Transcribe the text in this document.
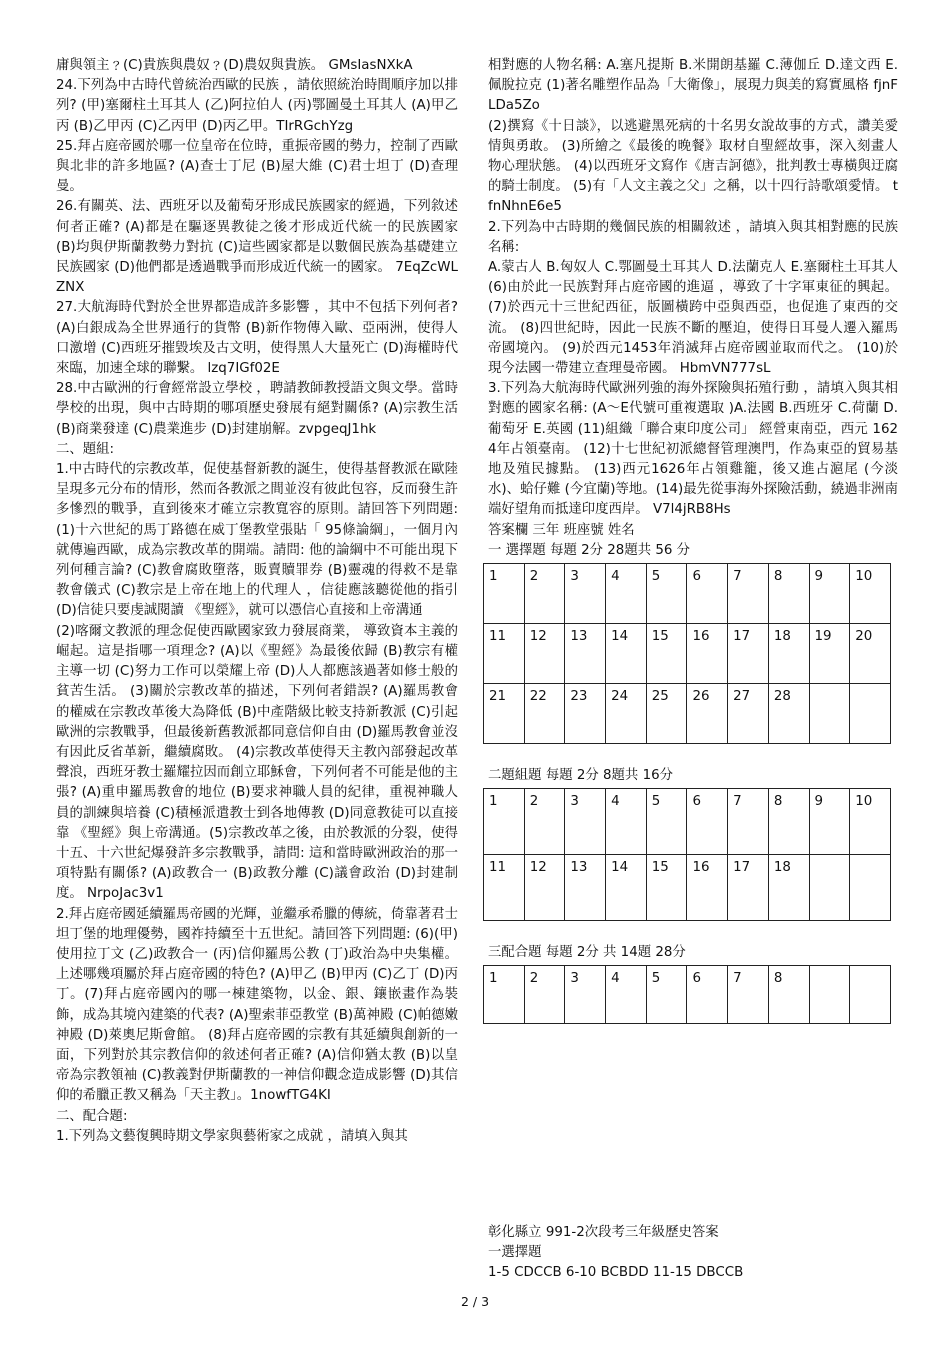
庸與領主﹖(C)貴族與農奴﹖(D)農奴與貴族。 GMsIasNXkA

24.下列為中古時代曾統治西歐的民族 ，請依照統治時間順序加以排列? (甲)塞爾柱土耳其人 (乙)阿拉伯人 (丙)鄂圖曼土耳其人 (A)甲乙丙 (B)乙甲丙 (C)乙丙甲 (D)丙乙甲。TIrRGchYzg

25.拜占庭帝國於哪一位皇帝在位時，重振帝國的勢力，控制了西歐與北非的許多地區? (A)查士丁尼 (B)屋大維 (C)君士坦丁 (D)查理曼。

26.有關英、法、西班牙以及葡萄牙形成民族國家的經過，下列敘述何者正確? (A)都是在驅逐異教徒之後才形成近代統一的民族國家 (B)均與伊斯蘭教勢力對抗 (C)這些國家都是以數個民族為基礎建立民族國家 (D)他們都是透過戰爭而形成近代統一的國家。 7EqZcWLZNX

27.大航海時代對於全世界都造成許多影響 ，其中不包括下列何者? (A)白銀成為全世界通行的貨幣 (B)新作物傳入歐、亞兩洲，使得人口激增 (C)西班牙摧毀埃及古文明，使得黑人大量死亡 (D)海權時代來臨，加速全球的聯繫。 lzq7IGf02E

28.中古歐洲的行會經常設立學校 ，聘請教師教授語文與文學。當時學校的出現，與中古時期的哪項歷史發展有絕對關係? (A)宗教生活 (B)商業發達 (C)農業進步 (D)封建崩解。zvpgeqJ1hk

二、題組:

1.中古時代的宗教改革，促使基督新教的誕生，使得基督教派在歐陸呈現多元分布的情形，然而各教派之間並沒有彼此包容，反而發生許多慘烈的戰爭，直到後來才確立宗教寬容的原則。請回答下列問題: (1)十六世紀的馬丁路德在威丁堡教堂張貼「 95條論綱」，一個月內就傳遍西歐，成為宗教改革的開端。請問: 他的論綱中不可能出現下列何種言論? (C)教會腐敗墮落，販賣贖罪券 (B)靈魂的得救不是靠教會儀式 (C)教宗是上帝在地上的代理人 ，信徒應該聽從他的指引 (D)信徒只要虔誠閱讀 《聖經》，就可以憑信心直接和上帝溝通

(2)喀爾文教派的理念促使西歐國家致力發展商業， 導致資本主義的崛起。這是指哪一項理念? (A)以《聖經》為最後依歸 (B)教宗有權主導一切 (C)努力工作可以榮耀上帝 (D)人人都應該過著如修士般的貧苦生活。 (3)關於宗教改革的描述，下列何者錯誤? (A)羅馬教會的權威在宗教改革後大為降低 (B)中產階級比較支持新教派 (C)引起歐洲的宗教戰爭，但最後新舊教派都同意信仰自由 (D)羅馬教會並沒有因此反省革新，繼續腐敗。 (4)宗教改革使得天主教內部發起改革聲浪，西班牙教士羅耀拉因而創立耶穌會，下列何者不可能是他的主張? (A)重申羅馬教會的地位 (B)要求神職人員的紀律，重視神職人員的訓練與培養 (C)積極派遣教士到各地傳教 (D)同意教徒可以直接靠 《聖經》與上帝溝通。(5)宗教改革之後，由於教派的分裂，使得十五、十六世紀爆發許多宗教戰爭，請問: 這和當時歐洲政治的那一項特點有關係? (A)政教合一 (B)政教分離 (C)議會政治 (D)封建制度。 NrpoJac3v1

2.拜占庭帝國延續羅馬帝國的光輝，並繼承希臘的傳統，倚靠著君士坦丁堡的地理優勢，國祚持續至十五世紀。請回答下列問題: (6)(甲)使用拉丁文 (乙)政教合一 (丙)信仰羅馬公教 (丁)政治為中央集權。上述哪幾項屬於拜占庭帝國的特色? (A)甲乙 (B)甲丙 (C)乙丁 (D)丙丁。(7)拜占庭帝國內的哪一棟建築物，以金、銀、鑲嵌畫作為裝飾，成為其境內建築的代表? (A)聖索菲亞教堂 (B)萬神殿 (C)帕德嫩神殿 (D)萊奧尼斯會館。 (8)拜占庭帝國的宗教有其延續與創新的一面，下列對於其宗教信仰的敘述何者正確? (A)信仰猶太教 (B)以皇帝為宗教領袖 (C)教義對伊斯蘭教的一神信仰觀念造成影響 (D)其信仰的希臘正教又稱為「天主教」。1nowfTG4KI

二、配合題:

1.下列為文藝復興時期文學家與藝術家之成就 ，請填入與其

相對應的人物名稱: A.塞凡提斯 B.米開朗基羅 C.薄伽丘 D.達文西 E.佩脫拉克 (1)著名雕塑作品為「大衛像」，展現力與美的寫實風格 fjnFLDa5Zo

(2)撰寫《十日談》，以逃避黑死病的十名男女說故事的方式，讚美愛情與勇敢。 (3)所繪之《最後的晚餐》取材自聖經故事，深入刻畫人物心理狀態。 (4)以西班牙文寫作《唐吉訶德》，批判教士專橫與迂腐的騎士制度。 (5)有「人文主義之父」之稱，以十四行詩歌頌愛情。 tfnNhnE6e5

2.下列為中古時期的幾個民族的相關敘述 ，請填入與其相對應的民族名稱:

A.蒙古人 B.匈奴人 C.鄂圖曼土耳其人 D.法蘭克人 E.塞爾柱土耳其人 (6)由於此一民族對拜占庭帝國的進逼 ，導致了十字軍東征的興起。 (7)於西元十三世紀西征，版圖橫跨中亞與西亞，也促進了東西的交流。 (8)四世紀時，因此一民族不斷的壓迫，使得日耳曼人遷入羅馬帝國境內。 (9)於西元1453年消滅拜占庭帝國並取而代之。 (10)於現今法國一帶建立查理曼帝國。 HbmVN777sL

3.下列為大航海時代歐洲列強的海外探險與拓殖行動 ，請填入與其相對應的國家名稱: (A～E代號可重複選取 )A.法國 B.西班牙 C.荷蘭 D.葡萄牙 E.英國 (11)組織「聯合東印度公司」 經營東南亞，西元 1624年占領臺南。 (12)十七世紀初派總督管理澳門，作為東亞的貿易基地及殖民據點。 (13)西元1626年占領雞籠，後又進占滬尾 (今淡水)、蛤仔難 (今宜蘭)等地。(14)最先從事海外探險活動，繞過非洲南端好望角而抵達印度西岸。 V7l4jRB8Hs

答案欄 三年 班座號 姓名

一 選擇題 每題 2分 28題共 56 分
1	2	3	4	5	6	7	8	9	10
11	12	13	14	15	16	17	18	19	20
21	22	23	24	25	26	27	28		
二題組題 每題 2分 8題共 16分
1	2	3	4	5	6	7	8	9	10
11	12	13	14	15	16	17	18		
三配合題 每題 2分 共 14題 28分
1	2	3	4	5	6	7	8		
彰化縣立 991-2次段考三年級歷史答案
一選擇題
1-5 CDCCB 6-10 BCBDD 11-15 DBCCB
2 / 3
